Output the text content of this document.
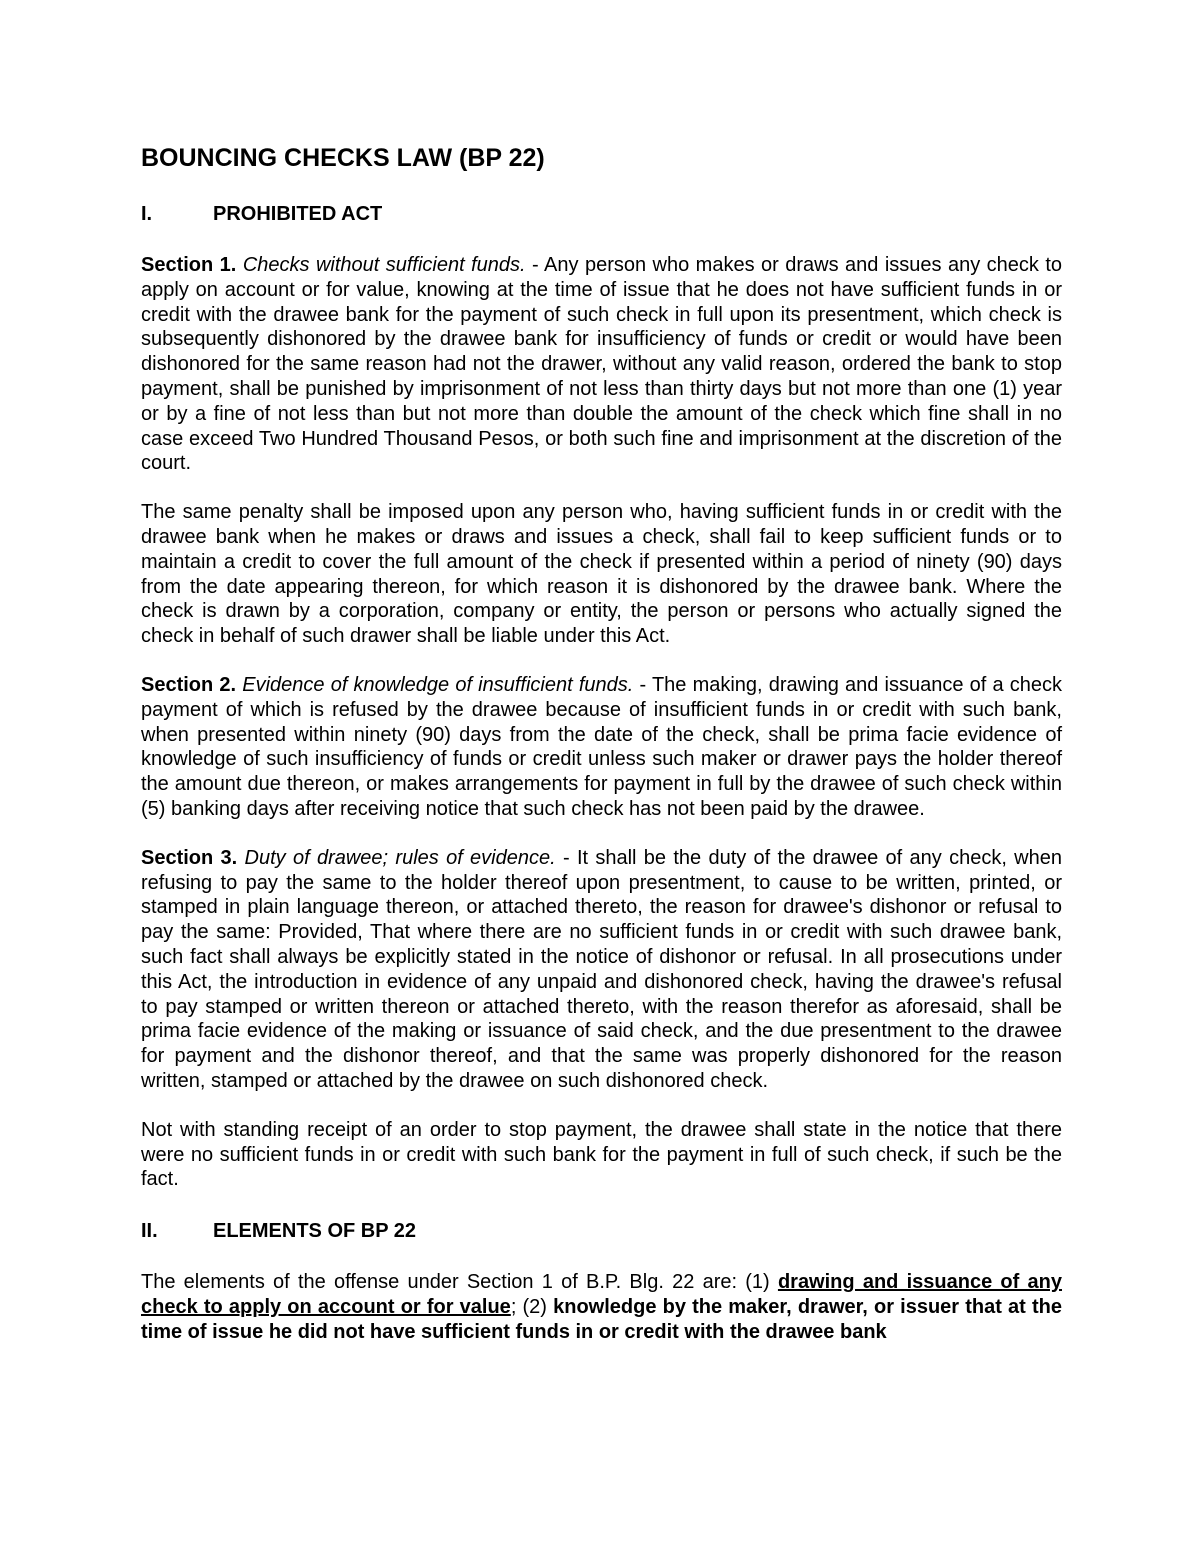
BOUNCING CHECKS LAW (BP 22)
I.	PROHIBITED ACT

Section 1. Checks without sufficient funds. - Any person who makes or draws and issues any check to apply on account or for value, knowing at the time of issue that he does not have sufficient funds in or credit with the drawee bank for the payment of such check in full upon its presentment, which check is subsequently dishonored by the drawee bank for insufficiency of funds or credit or would have been dishonored for the same reason had not the drawer, without any valid reason, ordered the bank to stop payment, shall be punished by imprisonment of not less than thirty days but not more than one (1) year or by a fine of not less than but not more than double the amount of the check which fine shall in no case exceed Two Hundred Thousand Pesos, or both such fine and imprisonment at the discretion of the court.

The same penalty shall be imposed upon any person who, having sufficient funds in or credit with the drawee bank when he makes or draws and issues a check, shall fail to keep sufficient funds or to maintain a credit to cover the full amount of the check if presented within a period of ninety (90) days from the date appearing thereon, for which reason it is dishonored by the drawee bank. Where the check is drawn by a corporation, company or entity, the person or persons who actually signed the check in behalf of such drawer shall be liable under this Act.

Section 2. Evidence of knowledge of insufficient funds. - The making, drawing and issuance of a check payment of which is refused by the drawee because of insufficient funds in or credit with such bank, when presented within ninety (90) days from the date of the check, shall be prima facie evidence of knowledge of such insufficiency of funds or credit unless such maker or drawer pays the holder thereof the amount due thereon, or makes arrangements for payment in full by the drawee of such check within (5) banking days after receiving notice that such check has not been paid by the drawee.

Section 3. Duty of drawee; rules of evidence. - It shall be the duty of the drawee of any check, when refusing to pay the same to the holder thereof upon presentment, to cause to be written, printed, or stamped in plain language thereon, or attached thereto, the reason for drawee's dishonor or refusal to pay the same: Provided, That where there are no sufficient funds in or credit with such drawee bank, such fact shall always be explicitly stated in the notice of dishonor or refusal. In all prosecutions under this Act, the introduction in evidence of any unpaid and dishonored check, having the drawee's refusal to pay stamped or written thereon or attached thereto, with the reason therefor as aforesaid, shall be prima facie evidence of the making or issuance of said check, and the due presentment to the drawee for payment and the dishonor thereof, and that the same was properly dishonored for the reason written, stamped or attached by the drawee on such dishonored check.

Not with standing receipt of an order to stop payment, the drawee shall state in the notice that there were no sufficient funds in or credit with such bank for the payment in full of such check, if such be the fact.

II.	ELEMENTS OF BP 22

The elements of the offense under Section 1 of B.P. Blg. 22 are: (1) drawing and issuance of any check to apply on account or for value; (2) knowledge by the maker, drawer, or issuer that at the time of issue he did not have sufficient funds in or credit with the drawee bank
